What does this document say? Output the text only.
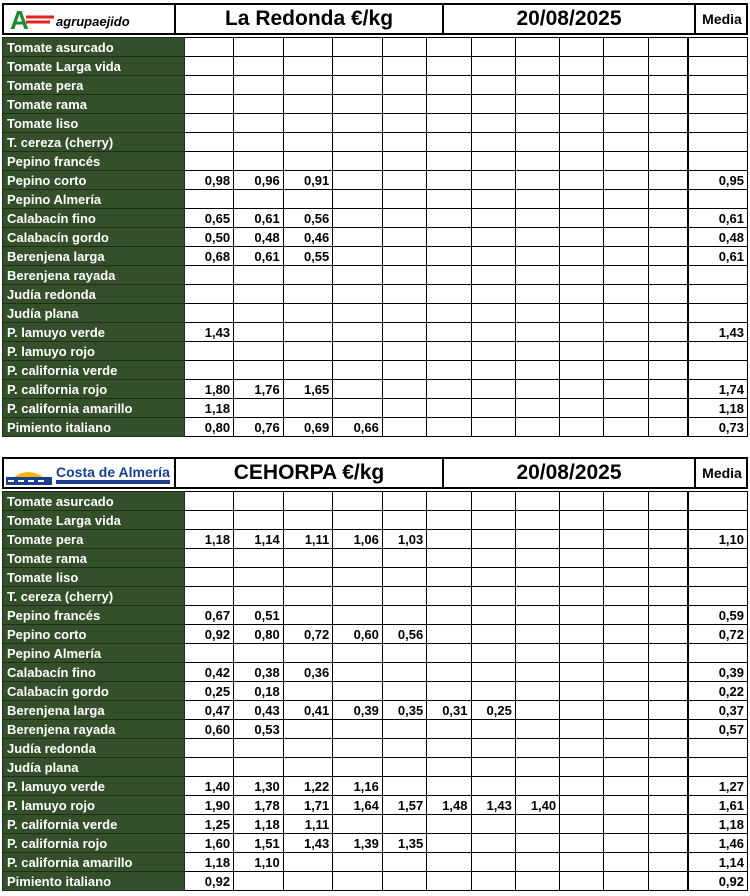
A agrupaejido	La Redonda €/kg	20/08/2025	Media
Tomate asurcado												
Tomate Larga vida												
Tomate pera												
Tomate rama												
Tomate liso												
T. cereza (cherry)												
Pepino francés												
Pepino corto	0,98	0,96	0,91									0,95
Pepino Almería												
Calabacín fino	0,65	0,61	0,56									0,61
Calabacín gordo	0,50	0,48	0,46									0,48
Berenjena larga	0,68	0,61	0,55									0,61
Berenjena rayada												
Judía redonda												
Judía plana												
P. lamuyo verde	1,43											1,43
P. lamuyo rojo												
P. california verde												
P. california rojo	1,80	1,76	1,65									1,74
P. california amarillo	1,18											1,18
Pimiento italiano	0,80	0,76	0,69	0,66								0,73
Costa de Almería	CEHORPA €/kg	20/08/2025	Media
Tomate asurcado												
Tomate Larga vida												
Tomate pera	1,18	1,14	1,11	1,06	1,03							1,10
Tomate rama												
Tomate liso												
T. cereza (cherry)												
Pepino francés	0,67	0,51										0,59
Pepino corto	0,92	0,80	0,72	0,60	0,56							0,72
Pepino Almería												
Calabacín fino	0,42	0,38	0,36									0,39
Calabacín gordo	0,25	0,18										0,22
Berenjena larga	0,47	0,43	0,41	0,39	0,35	0,31	0,25					0,37
Berenjena rayada	0,60	0,53										0,57
Judía redonda												
Judía plana												
P. lamuyo verde	1,40	1,30	1,22	1,16								1,27
P. lamuyo rojo	1,90	1,78	1,71	1,64	1,57	1,48	1,43	1,40				1,61
P. california verde	1,25	1,18	1,11									1,18
P. california rojo	1,60	1,51	1,43	1,39	1,35							1,46
P. california amarillo	1,18	1,10										1,14
Pimiento italiano	0,92											0,92
